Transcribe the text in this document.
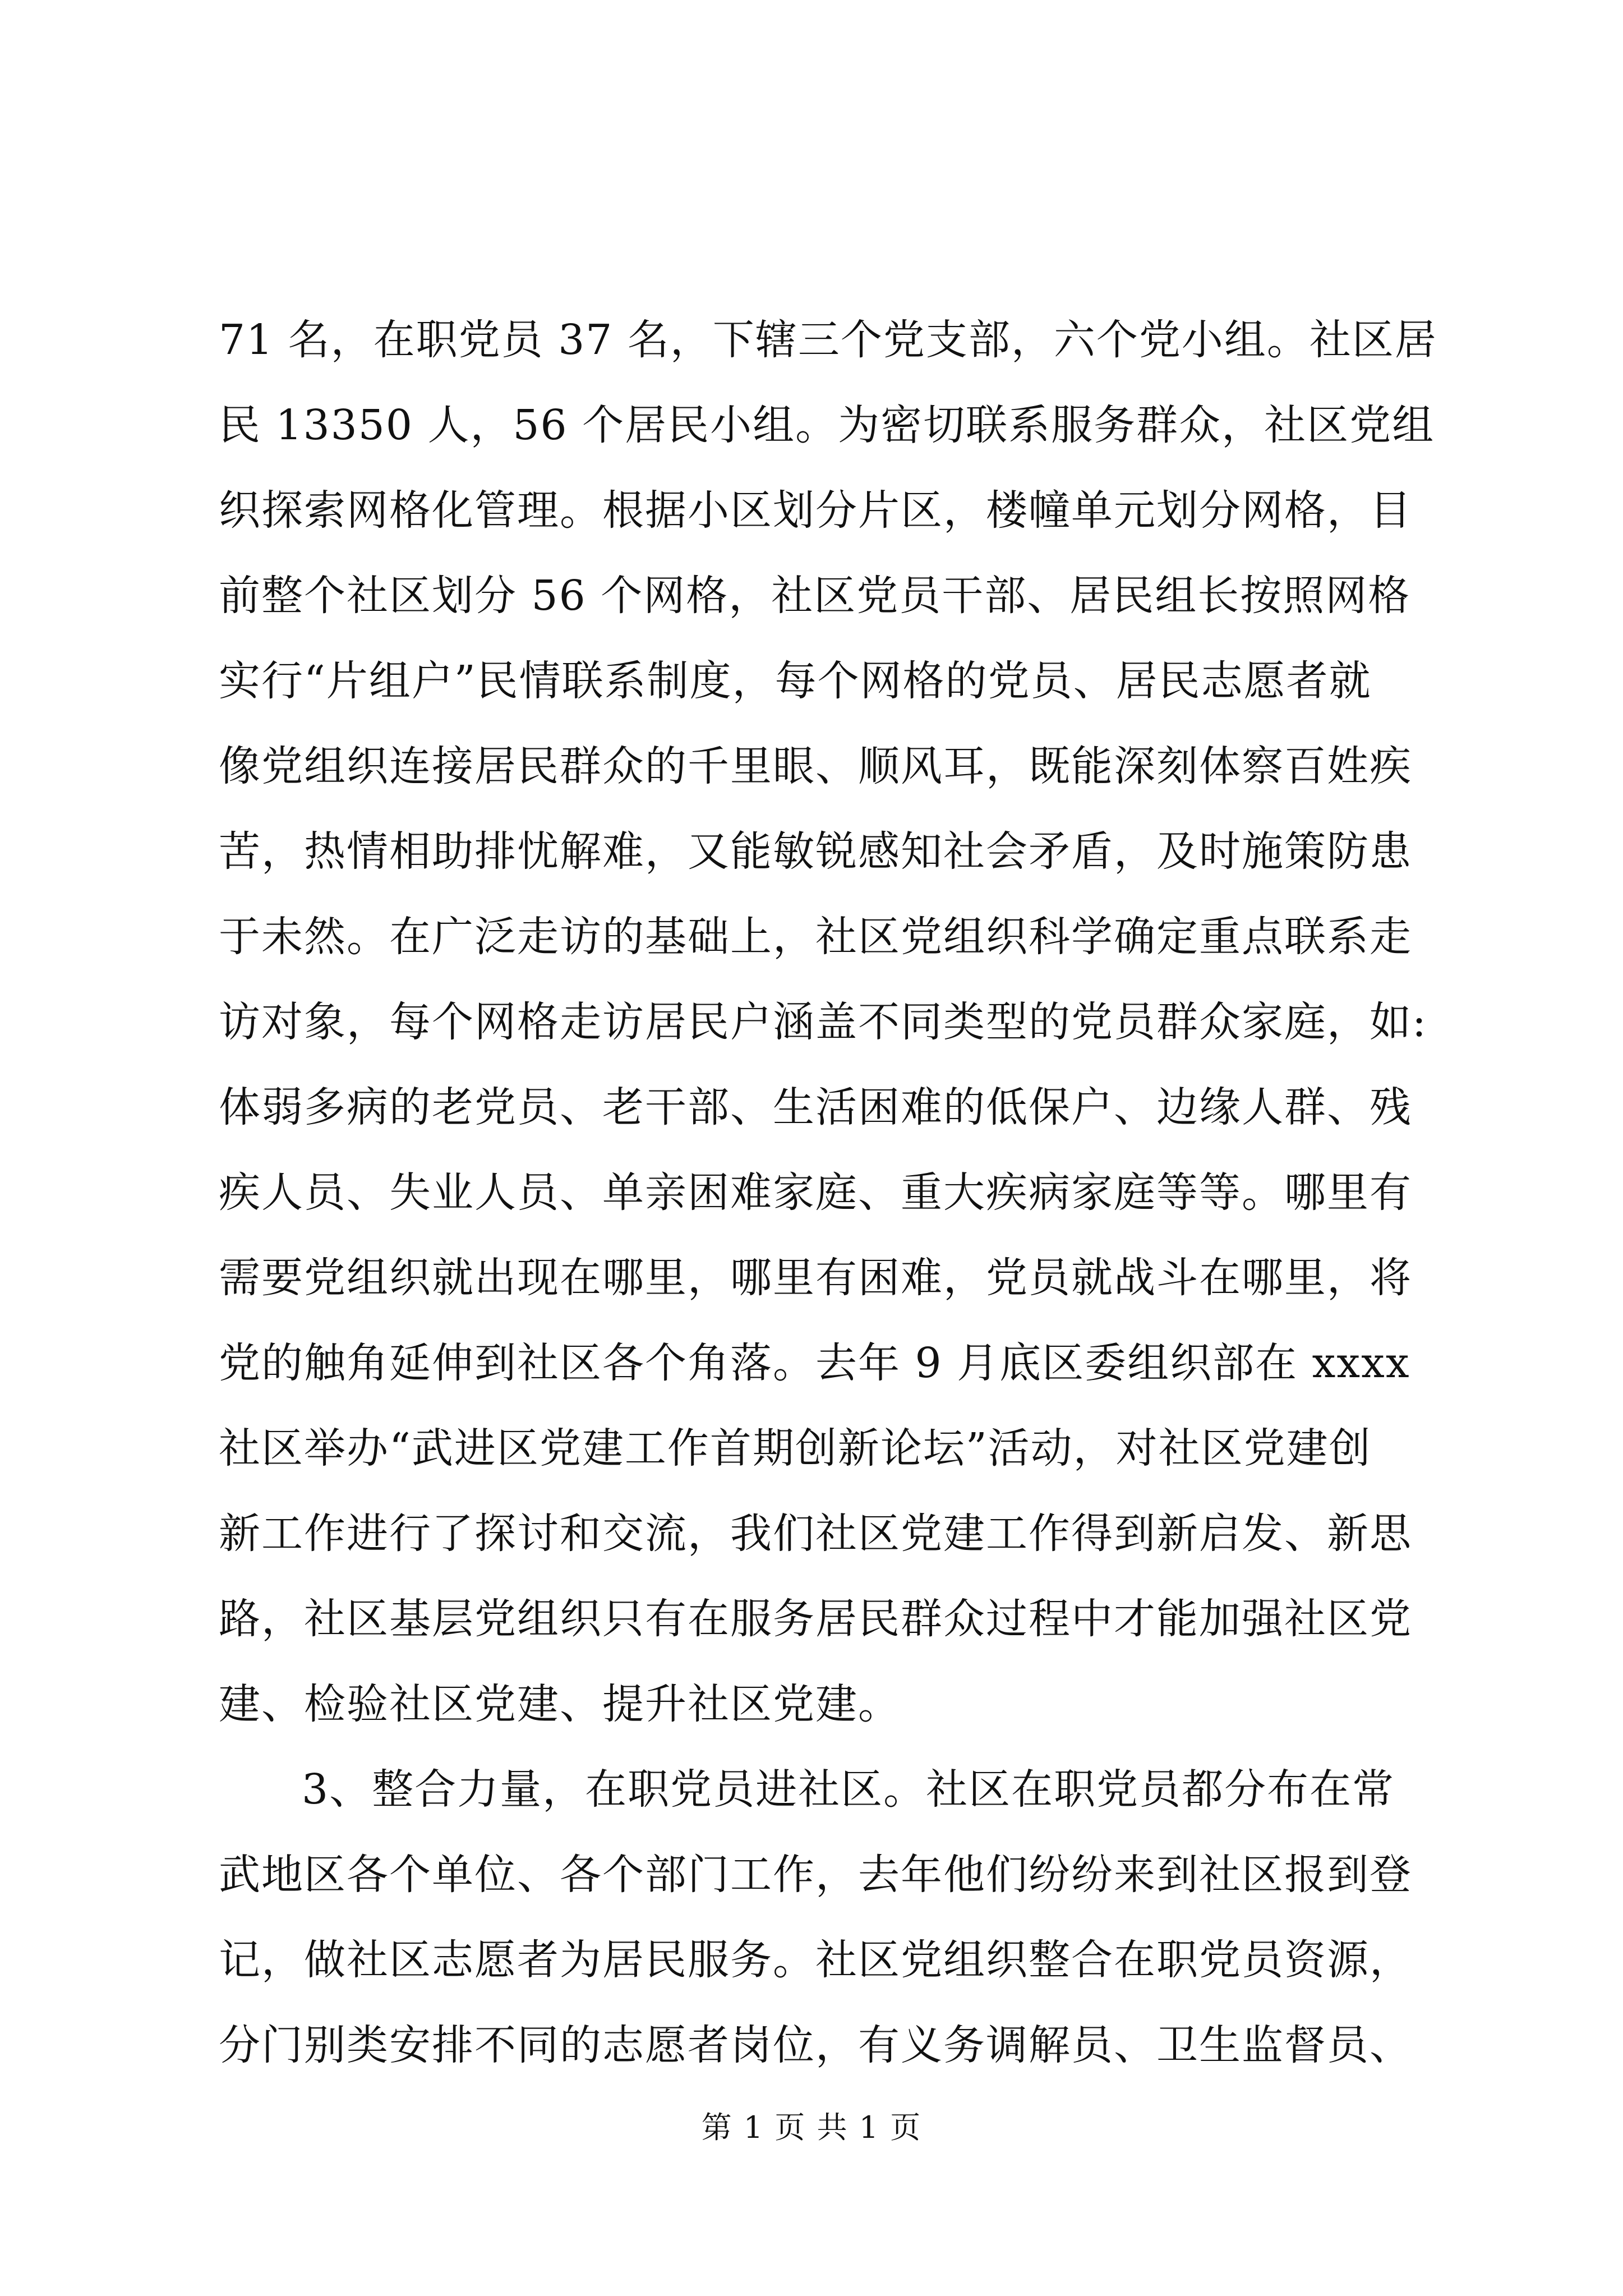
71 名，在职党员 37 名，下辖三个党支部，六个党小组。社区居
民 13350 人，56 个居民小组。为密切联系服务群众，社区党组
织探索网格化管理。根据小区划分片区，楼幢单元划分网格，目
前整个社区划分 56 个网格，社区党员干部、居民组长按照网格
实行“片组户”民情联系制度，每个网格的党员、居民志愿者就
像党组织连接居民群众的千里眼、顺风耳，既能深刻体察百姓疾
苦，热情相助排忧解难，又能敏锐感知社会矛盾，及时施策防患
于未然。在广泛走访的基础上，社区党组织科学确定重点联系走
访对象，每个网格走访居民户涵盖不同类型的党员群众家庭，如:
体弱多病的老党员、老干部、生活困难的低保户、边缘人群、残
疾人员、失业人员、单亲困难家庭、重大疾病家庭等等。哪里有
需要党组织就出现在哪里，哪里有困难，党员就战斗在哪里，将
党的触角延伸到社区各个角落。去年 9 月底区委组织部在 xxxx
社区举办“武进区党建工作首期创新论坛”活动，对社区党建创
新工作进行了探讨和交流，我们社区党建工作得到新启发、新思
路，社区基层党组织只有在服务居民群众过程中才能加强社区党
建、检验社区党建、提升社区党建。
3、整合力量，在职党员进社区。社区在职党员都分布在常
武地区各个单位、各个部门工作，去年他们纷纷来到社区报到登
记，做社区志愿者为居民服务。社区党组织整合在职党员资源，
分门别类安排不同的志愿者岗位，有义务调解员、卫生监督员、
第 1 页 共 1 页
